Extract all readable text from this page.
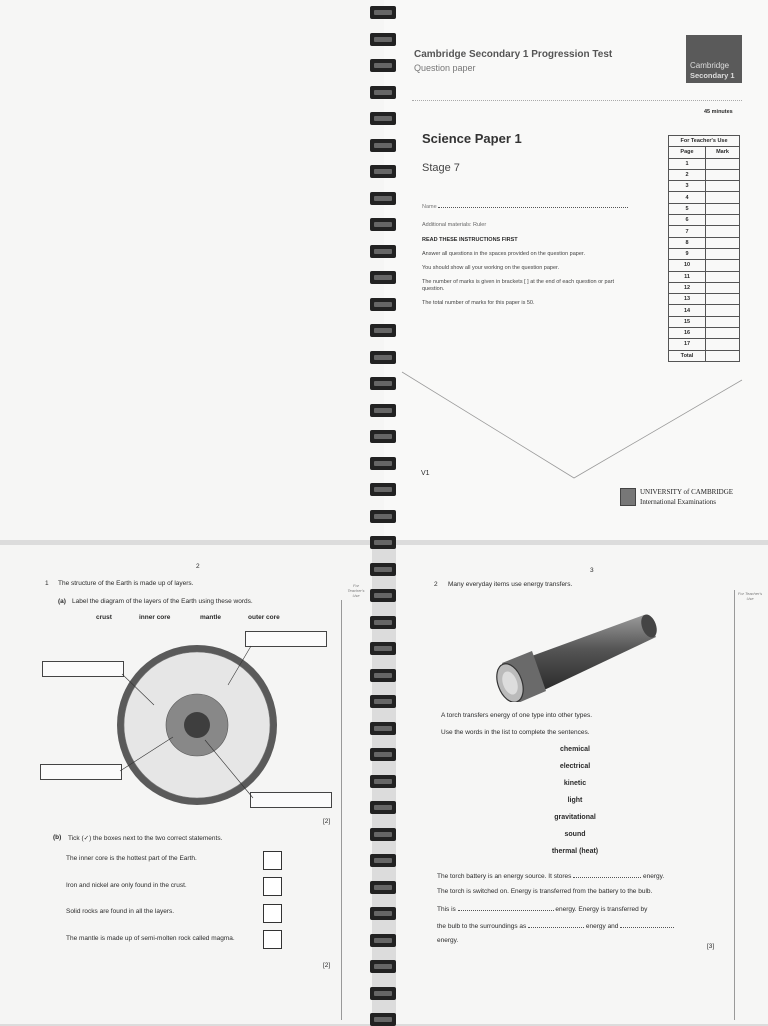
Cambridge Secondary 1 Progression Test
Question paper	Cambridge
Secondary 1
45 minutes
Science Paper 1
Stage 7
Name
Additional materials: Ruler
READ THESE INSTRUCTIONS FIRST
Answer all questions in the spaces provided on the question paper.
You should show all your working on the question paper.
The number of marks is given in brackets [ ] at the end of each question or part question.
The total number of marks for this paper is 50.
For Teacher's Use	
Page	Mark
1	
2	
3	
4	
5	
6	
7	
8	
9	
10	
11	
12	
13	
14	
15	
16	
17	
Total	
V1
UNIVERSITY of CAMBRIDGE
International Examinations
2
For Teacher's Use
1 The structure of the Earth is made up of layers.
(a) Label the diagram of the layers of the Earth using these words.
crust	inner core	mantle	outer core
[2]
(b) Tick (✓) the boxes next to the two correct statements.
The inner core is the hottest part of the Earth.
Iron and nickel are only found in the crust.
Solid rocks are found in all the layers.
The mantle is made up of semi-molten rock called magma.
[2]
3
For Teacher's Use
2 Many everyday items use energy transfers.
A torch transfers energy of one type into other types.
Use the words in the list to complete the sentences.
chemical
electrical
kinetic
light
gravitational
sound
thermal (heat)
The torch battery is an energy source. It stores	energy.
The torch is switched on. Energy is transferred from the battery to the bulb.
This is	energy. Energy is transferred by
the bulb to the surroundings as	energy and
energy.
[3]
